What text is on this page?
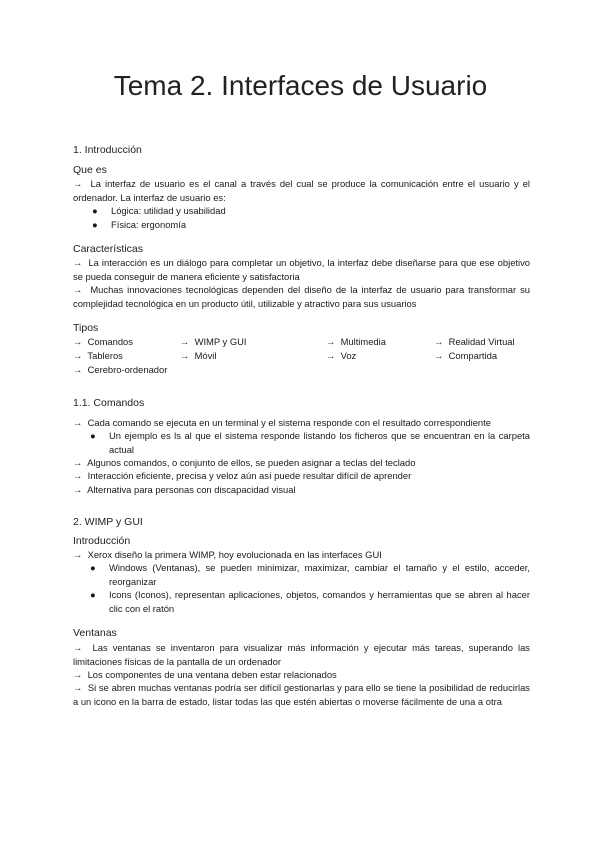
Tema 2. Interfaces de Usuario
1. Introducción
Que es
→ La interfaz de usuario es el canal a través del cual se produce la comunicación entre el usuario y el ordenador. La interfaz de usuario es:
● Lógica: utilidad y usabilidad
● Física: ergonomía
Características
→ La interacción es un diálogo para completar un objetivo, la interfaz debe diseñarse para que ese objetivo se pueda conseguir de manera eficiente y satisfactoria
→ Muchas innovaciones tecnológicas dependen del diseño de la interfaz de usuario para transformar su complejidad tecnológica en un producto útil, utilizable y atractivo para sus usuarios
Tipos
→ Comandos	→ WIMP y GUI	→ Multimedia	→ Realidad Virtual
→ Tableros	→ Móvil	→ Voz	→ Compartida
→ Cerebro-ordenador
1.1. Comandos
→ Cada comando se ejecuta en un terminal y el sistema responde con el resultado correspondiente
● Un ejemplo es ls al que el sistema responde listando los ficheros que se encuentran en la carpeta actual
→ Algunos comandos, o conjunto de ellos, se pueden asignar a teclas del teclado
→ Interacción eficiente, precisa y veloz aún así puede resultar difícil de aprender
→ Alternativa para personas con discapacidad visual
2. WIMP y GUI
Introducción
→ Xerox diseño la primera WIMP, hoy evolucionada en las interfaces GUI
● Windows (Ventanas), se pueden minimizar, maximizar, cambiar el tamaño y el estilo, acceder, reorganizar
● Icons (Iconos), representan aplicaciones, objetos, comandos y herramientas que se abren al hacer clic con el ratón
Ventanas
→ Las ventanas se inventaron para visualizar más información y ejecutar más tareas, superando las limitaciones físicas de la pantalla de un ordenador
→ Los componentes de una ventana deben estar relacionados
→ Si se abren muchas ventanas podría ser difícil gestionarlas y para ello se tiene la posibilidad de reducirlas a un icono en la barra de estado, listar todas las que estén abiertas o moverse fácilmente de una a otra
